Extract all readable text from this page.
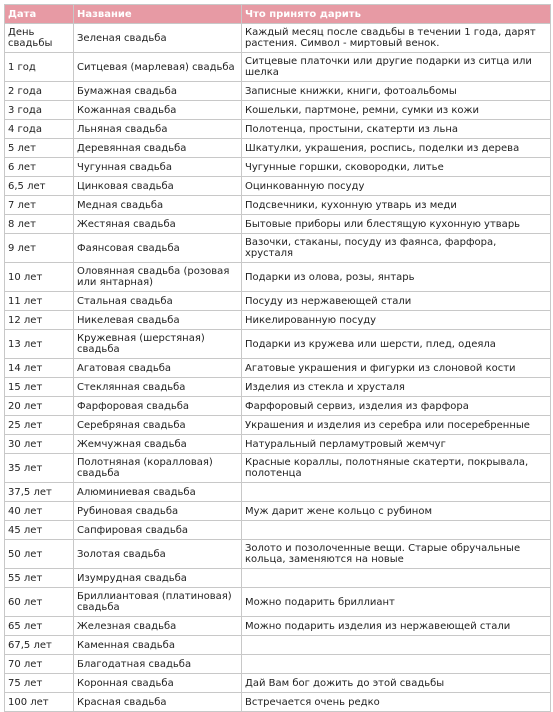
Дата	Название	Что принято дарить
День свадьбы	Зеленая свадьба	Каждый месяц после свадьбы в течении 1 года, дарят растения. Символ - миртовый венок.
1 год	Ситцевая (марлевая) свадьба	Ситцевые платочки или другие подарки из ситца или шелка
2 года	Бумажная свадьба	Записные книжки, книги, фотоальбомы
3 года	Кожанная свадьба	Кошельки, партмоне, ремни, сумки из кожи
4 года	Льняная свадьба	Полотенца, простыни, скатерти из льна
5 лет	Деревянная свадьба	Шкатулки, украшения, роспись, поделки из дерева
6 лет	Чугунная свадьба	Чугунные горшки, сковородки, литье
6,5 лет	Цинковая свадьба	Оцинкованную посуду
7 лет	Медная свадьба	Подсвечники, кухонную утварь из меди
8 лет	Жестяная свадьба	Бытовые приборы или блестящую кухонную утварь
9 лет	Фаянсовая свадьба	Вазочки, стаканы, посуду из фаянса, фарфора, хрусталя
10 лет	Оловянная свадьба (розовая или янтарная)	Подарки из олова, розы, янтарь
11 лет	Стальная свадьба	Посуду из нержавеющей стали
12 лет	Никелевая свадьба	Никелированную посуду
13 лет	Кружевная (шерстяная) свадьба	Подарки из кружева или шерсти, плед, одеяла
14 лет	Агатовая свадьба	Агатовые украшения и фигурки из слоновой кости
15 лет	Стеклянная свадьба	Изделия из стекла и хрусталя
20 лет	Фарфоровая свадьба	Фарфоровый сервиз, изделия из фарфора
25 лет	Серебряная свадьба	Украшения и изделия из серебра или посеребренные
30 лет	Жемчужная свадьба	Натуральный перламутровый жемчуг
35 лет	Полотняная (коралловая) свадьба	Красные кораллы, полотняные скатерти, покрывала, полотенца
37,5 лет	Алюминиевая свадьба	
40 лет	Рубиновая свадьба	Муж дарит жене кольцо с рубином
45 лет	Сапфировая свадьба	
50 лет	Золотая свадьба	Золото и позолоченные вещи. Старые обручальные кольца, заменяются на новые
55 лет	Изумрудная свадьба	
60 лет	Бриллиантовая (платиновая) свадьба	Можно подарить бриллиант
65 лет	Железная свадьба	Можно подарить изделия из нержавеющей стали
67,5 лет	Каменная свадьба	
70 лет	Благодатная свадьба	
75 лет	Коронная свадьба	Дай Вам бог дожить до этой свадьбы
100 лет	Красная свадьба	Встречается очень редко
